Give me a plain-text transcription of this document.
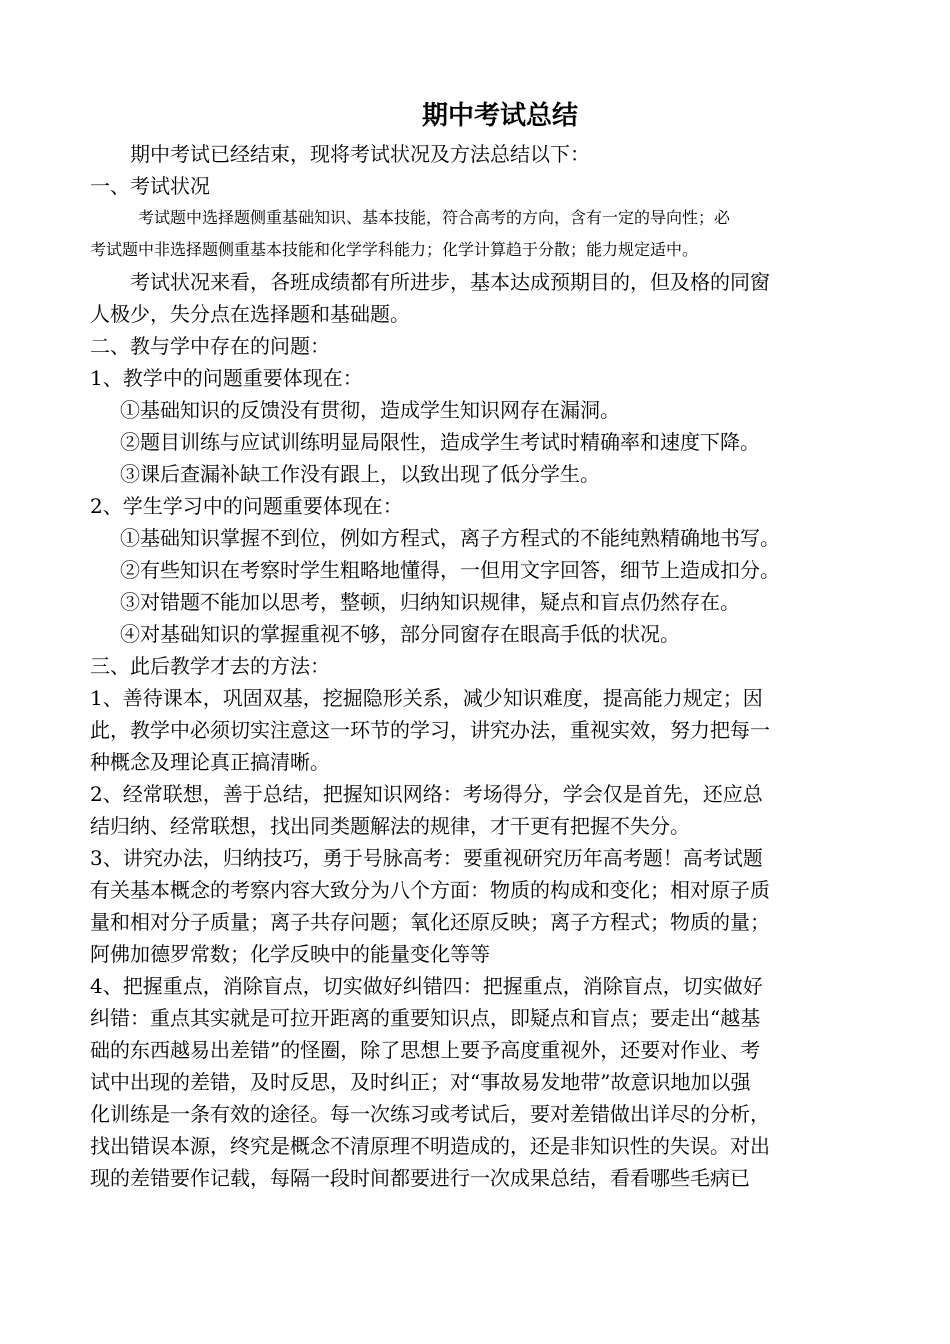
期中考试总结
期中考试已经结束，现将考试状况及方法总结以下：
一、考试状况
考试题中选择题侧重基础知识、基本技能，符合高考的方向，含有一定的导向性；必
考试题中非选择题侧重基本技能和化学学科能力；化学计算趋于分散；能力规定适中。
考试状况来看，各班成绩都有所进步，基本达成预期目的，但及格的同窗
人极少，失分点在选择题和基础题。
二、教与学中存在的问题：
1、教学中的问题重要体现在：
①基础知识的反馈没有贯彻，造成学生知识网存在漏洞。
②题目训练与应试训练明显局限性，造成学生考试时精确率和速度下降。
③课后查漏补缺工作没有跟上，以致出现了低分学生。
2、学生学习中的问题重要体现在：
①基础知识掌握不到位，例如方程式，离子方程式的不能纯熟精确地书写。
②有些知识在考察时学生粗略地懂得，一但用文字回答，细节上造成扣分。
③对错题不能加以思考，整顿，归纳知识规律，疑点和盲点仍然存在。
④对基础知识的掌握重视不够，部分同窗存在眼高手低的状况。
三、此后教学才去的方法：
1、善待课本，巩固双基，挖掘隐形关系，减少知识难度，提高能力规定；因
此，教学中必须切实注意这一环节的学习，讲究办法，重视实效，努力把每一
种概念及理论真正搞清晰。
2、经常联想，善于总结，把握知识网络：考场得分，学会仅是首先，还应总
结归纳、经常联想，找出同类题解法的规律，才干更有把握不失分。
3、讲究办法，归纳技巧，勇于号脉高考：要重视研究历年高考题！高考试题
有关基本概念的考察内容大致分为八个方面：物质的构成和变化；相对原子质
量和相对分子质量；离子共存问题；氧化还原反映；离子方程式；物质的量；
阿佛加德罗常数；化学反映中的能量变化等等
4、把握重点，消除盲点，切实做好纠错四：把握重点，消除盲点，切实做好
纠错：重点其实就是可拉开距离的重要知识点，即疑点和盲点；要走出“越基
础的东西越易出差错”的怪圈，除了思想上要予高度重视外，还要对作业、考
试中出现的差错，及时反思，及时纠正；对“事故易发地带”故意识地加以强
化训练是一条有效的途径。每一次练习或考试后，要对差错做出详尽的分析，
找出错误本源，终究是概念不清原理不明造成的，还是非知识性的失误。对出
现的差错要作记载，每隔一段时间都要进行一次成果总结，看看哪些毛病已
